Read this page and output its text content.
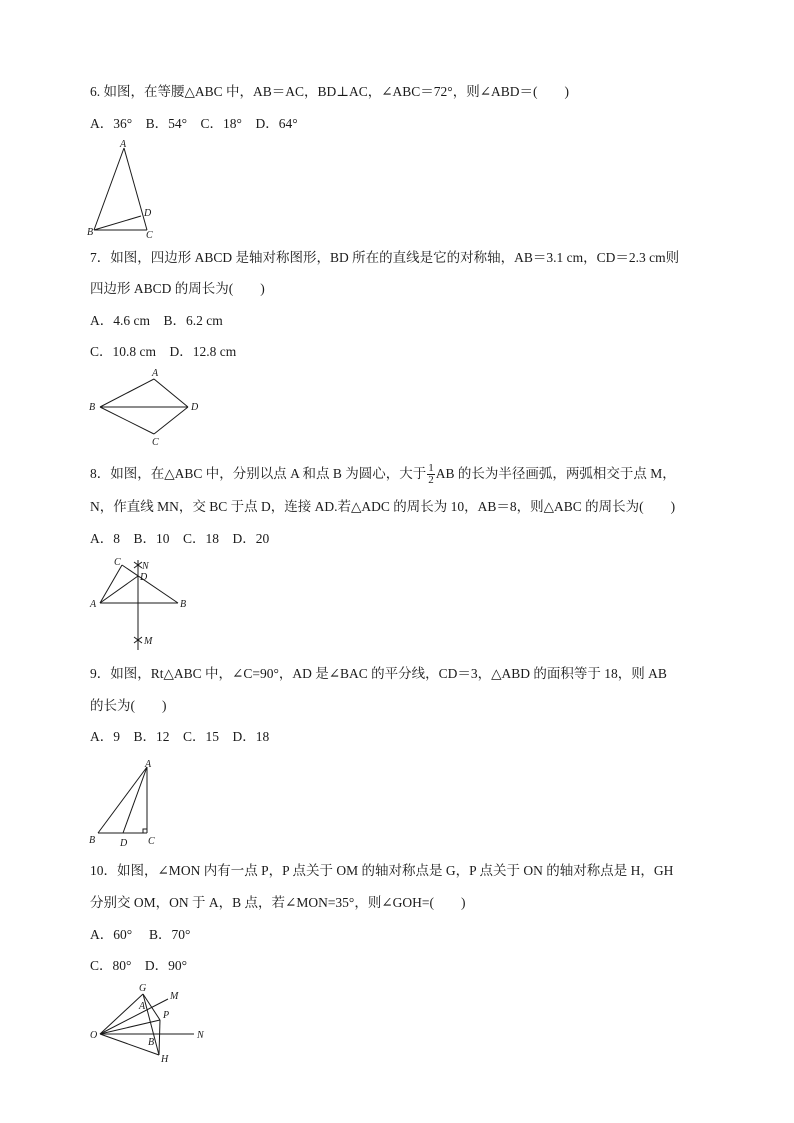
6. 如图，在等腰△ABC 中，AB＝AC，BD⊥AC，∠ABC＝72°，则∠ABD＝(　　)
A．36°　B．54°　C．18°　D．64°
A
B	C
D
7．如图，四边形 ABCD 是轴对称图形，BD 所在的直线是它的对称轴，AB＝3.1 cm，CD＝2.3 cm则
四边形 ABCD 的周长为(　　)
A．4.6 cm　B．6.2 cm
C．10.8 cm　D．12.8 cm
A
B
C
D
8．如图，在△ABC 中，分别以点 A 和点 B 为圆心，大于 $\frac{1}{2}$ AB 的长为半径画弧，两弧相交于点 M，
N，作直线 MN，交 BC 于点 D，连接 AD.若△ADC 的周长为 10，AB＝8，则△ABC 的周长为(　　)
A．8　B．10　C．18　D．20
C N
D
A	B
M
9．如图，Rt△ABC 中，∠C=90°，AD 是∠BAC 的平分线，CD＝3，△ABD 的面积等于 18，则 AB
的长为(　　)
A．9　B．12　C．15　D．18
A
B D C
10．如图，∠MON 内有一点 P，P 点关于 OM 的轴对称点是 G，P 点关于 ON 的轴对称点是 H，GH
分别交 OM，ON 于 A，B 点，若∠MON=35°，则∠GOH=(　　)
A．60°　 B．70°
C．80°　D．90°
G
M
A
P
O	N
B
H
